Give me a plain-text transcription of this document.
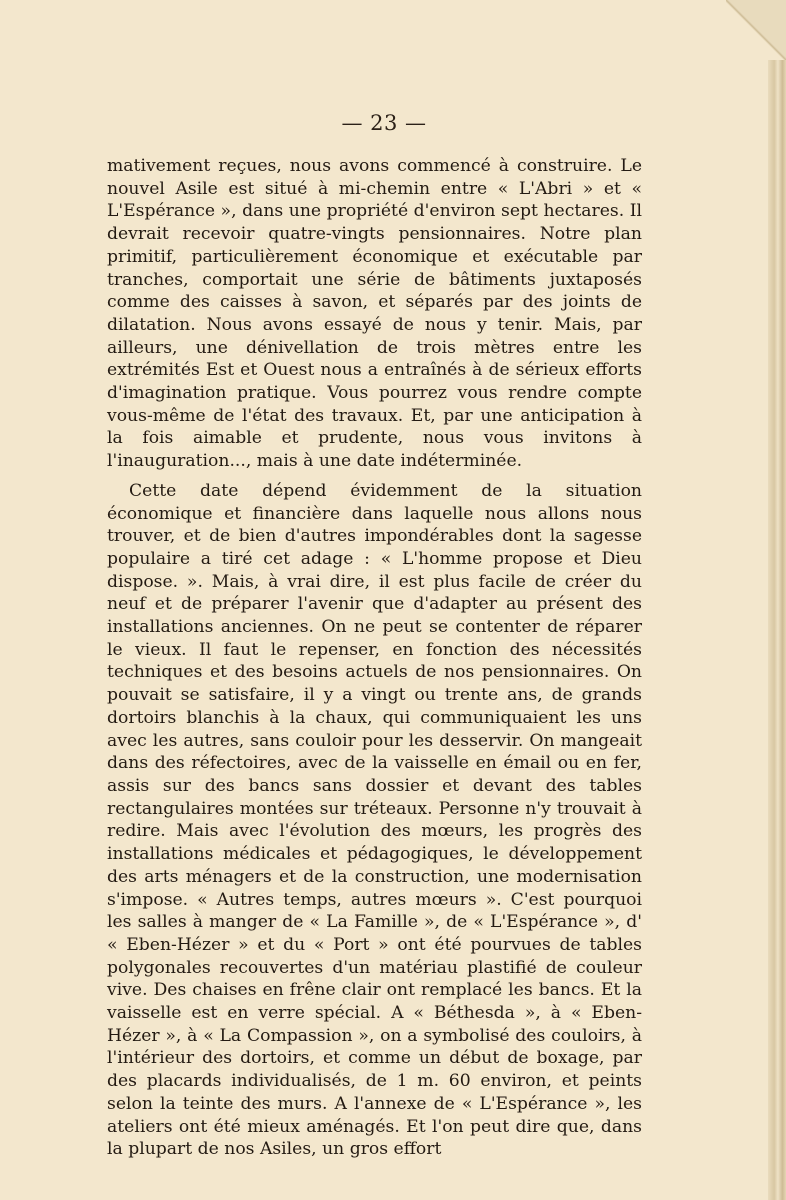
— 23 —

mativement reçues, nous avons commencé à construire. Le nouvel Asile est situé à mi-chemin entre « L'Abri » et « L'Espérance », dans une propriété d'environ sept hectares. Il devrait recevoir quatre-vingts pensionnaires. Notre plan primitif, particulièrement économique et exécutable par tranches, comportait une série de bâtiments juxtaposés comme des caisses à savon, et séparés par des joints de dilatation. Nous avons essayé de nous y tenir. Mais, par ailleurs, une dénivellation de trois mètres entre les extrémités Est et Ouest nous a entraînés à de sérieux efforts d'imagination pratique. Vous pourrez vous rendre compte vous-même de l'état des travaux. Et, par une anticipation à la fois aimable et prudente, nous vous invitons à l'inauguration..., mais à une date indéterminée.

Cette date dépend évidemment de la situation économique et financière dans laquelle nous allons nous trouver, et de bien d'autres impondérables dont la sagesse populaire a tiré cet adage : « L'homme propose et Dieu dispose. ». Mais, à vrai dire, il est plus facile de créer du neuf et de préparer l'avenir que d'adapter au présent des installations anciennes. On ne peut se contenter de réparer le vieux. Il faut le repenser, en fonction des nécessités techniques et des besoins actuels de nos pensionnaires. On pouvait se satisfaire, il y a vingt ou trente ans, de grands dortoirs blanchis à la chaux, qui communiquaient les uns avec les autres, sans couloir pour les desservir. On mangeait dans des réfectoires, avec de la vaisselle en émail ou en fer, assis sur des bancs sans dossier et devant des tables rectangulaires montées sur tréteaux. Personne n'y trouvait à redire. Mais avec l'évolution des mœurs, les progrès des installations médicales et pédagogiques, le développement des arts ménagers et de la construction, une modernisation s'impose. « Autres temps, autres mœurs ». C'est pourquoi les salles à manger de « La Famille », de « L'Espérance », d' « Eben-Hézer » et du « Port » ont été pourvues de tables polygonales recouvertes d'un matériau plastifié de couleur vive. Des chaises en frêne clair ont remplacé les bancs. Et la vaisselle est en verre spécial. A « Béthesda », à « Eben-Hézer », à « La Compassion », on a symbolisé des couloirs, à l'intérieur des dortoirs, et comme un début de boxage, par des placards individualisés, de 1 m. 60 environ, et peints selon la teinte des murs. A l'annexe de « L'Espérance », les ateliers ont été mieux aménagés. Et l'on peut dire que, dans la plupart de nos Asiles, un gros effort
